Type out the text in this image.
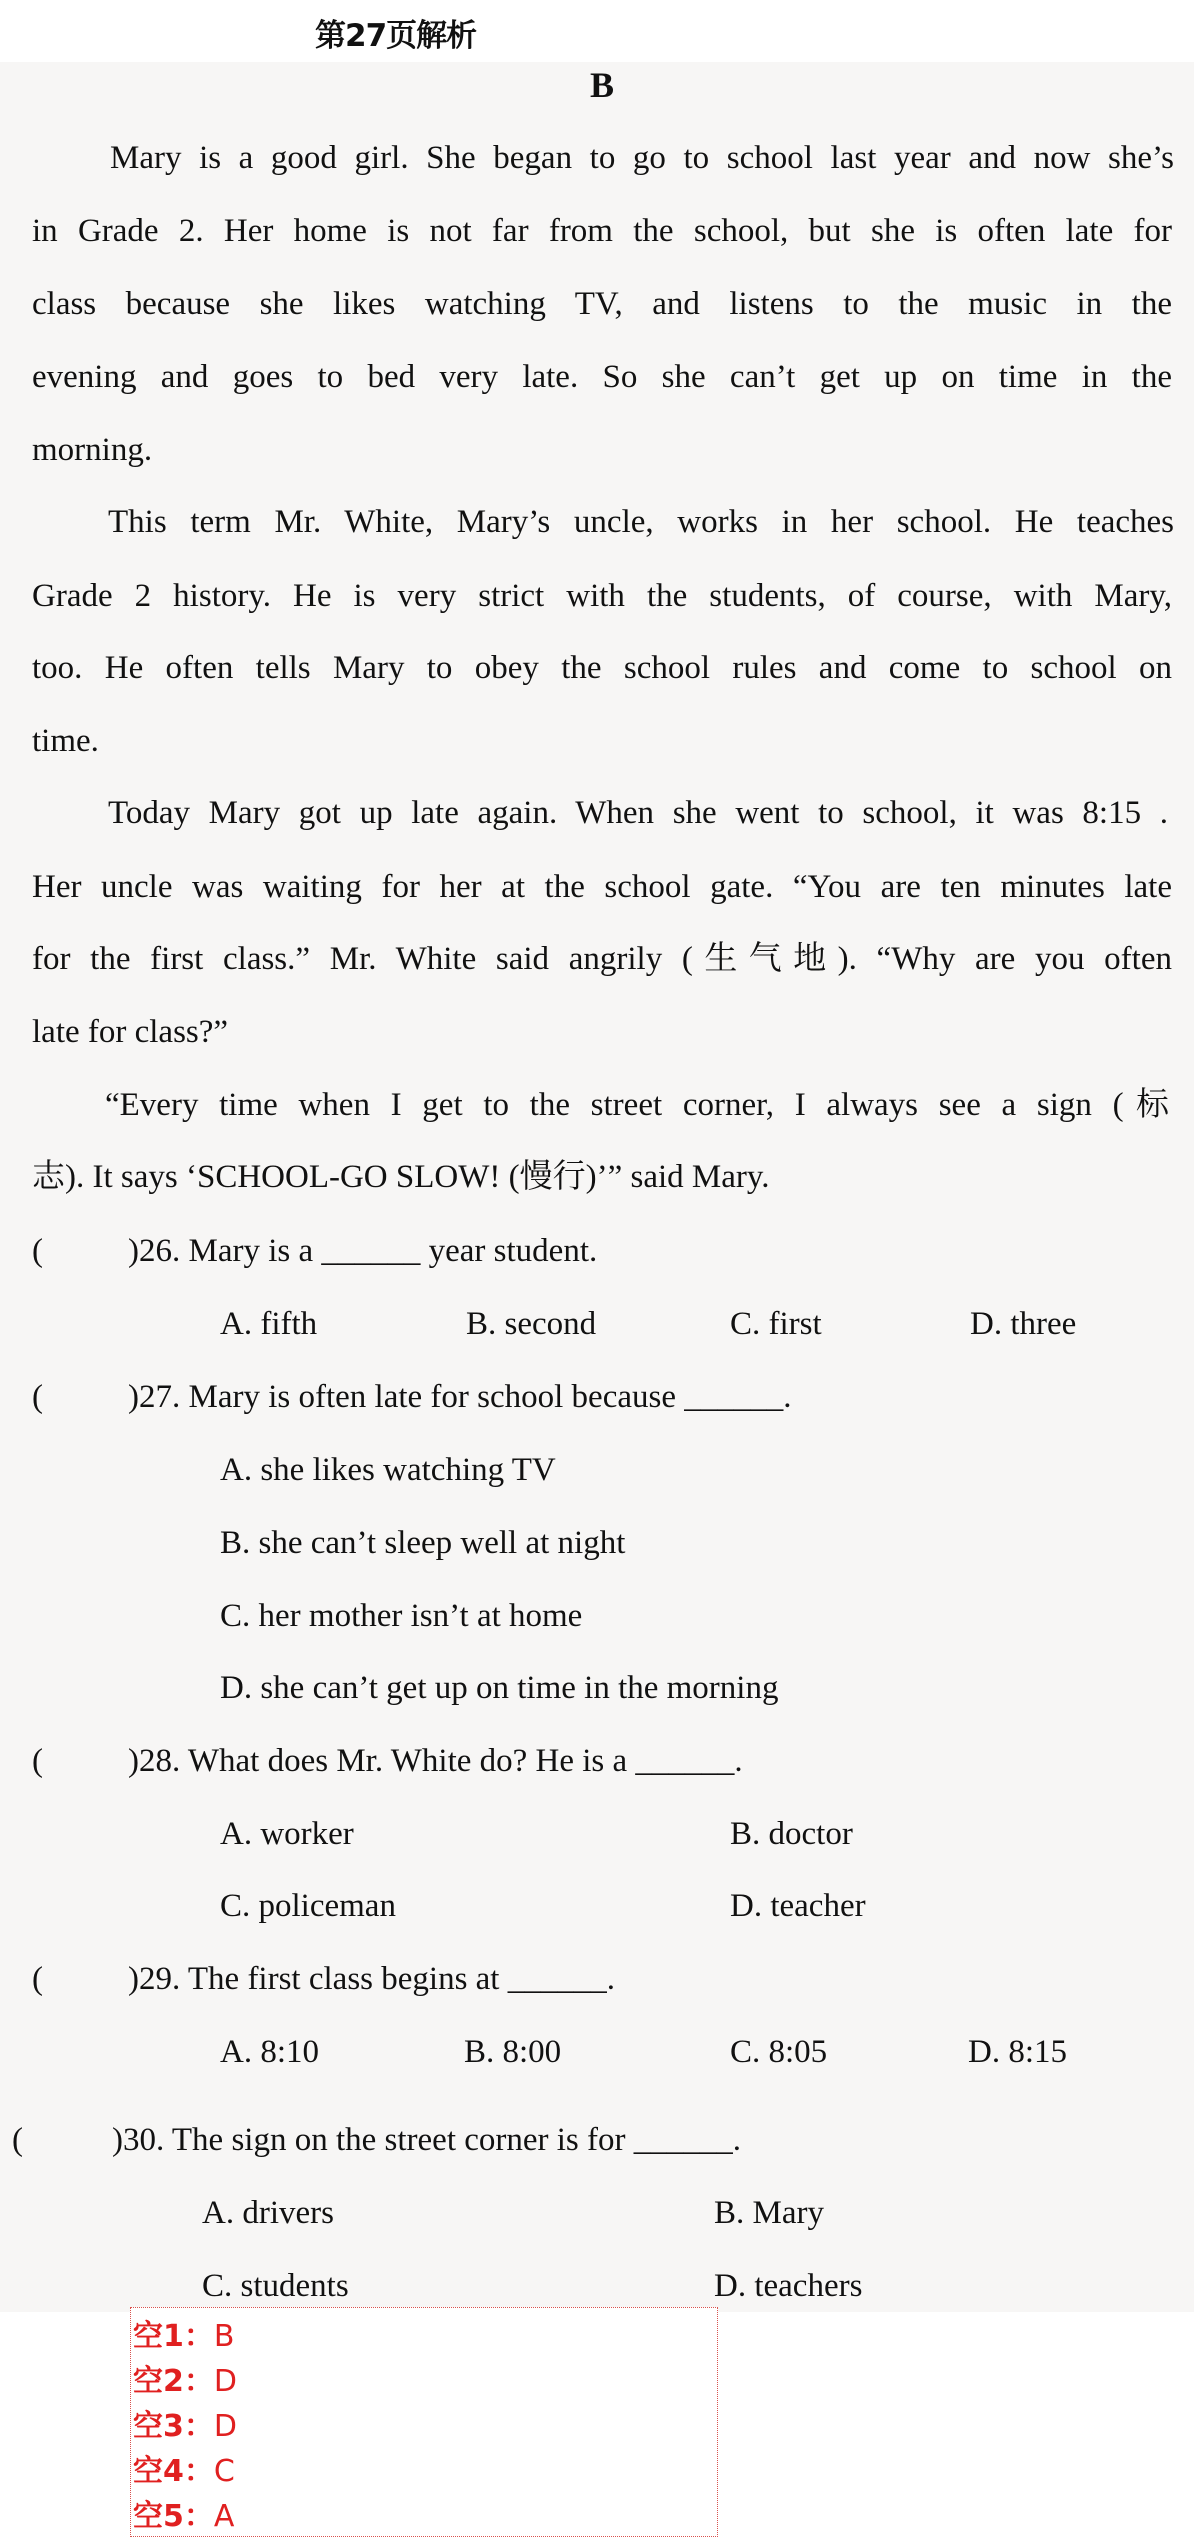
第27页解析
B
Mary is a good girl. She began to go to school last year and now she’s
in Grade 2. Her home is not far from the school, but she is often late for
class because she likes watching TV, and listens to the music in the
evening and goes to bed very late. So she can’t get up on time in the
morning.
This term Mr. White, Mary’s uncle, works in her school. He teaches
Grade 2 history. He is very strict with the students, of course, with Mary,
too. He often tells Mary to obey the school rules and come to school on
time.
Today Mary got up late again. When she went to school, it was 8:15 .
Her uncle was waiting for her at the school gate. “You are ten minutes late
for the first class.” Mr. White said angrily (生气地). “Why are you often
late for class?”
“Every time when I get to the street corner, I always see a sign (标
志). It says ‘SCHOOL-GO SLOW! (慢行)’” said Mary.
(	)26. Mary is a ______ year student.
A. fifth	B. second	C. first	D. three
(	)27. Mary is often late for school because ______.
A. she likes watching TV
B. she can’t sleep well at night
C. her mother isn’t at home
D. she can’t get up on time in the morning
(	)28. What does Mr. White do? He is a ______.
A. worker	B. doctor
C. policeman	D. teacher
(	)29. The first class begins at ______.
A. 8:10	B. 8:00	C. 8:05	D. 8:15
(	)30. The sign on the street corner is for ______.
A. drivers	B. Mary
C. students	D. teachers
空1：B
空2：D
空3：D
空4：C
空5：A
